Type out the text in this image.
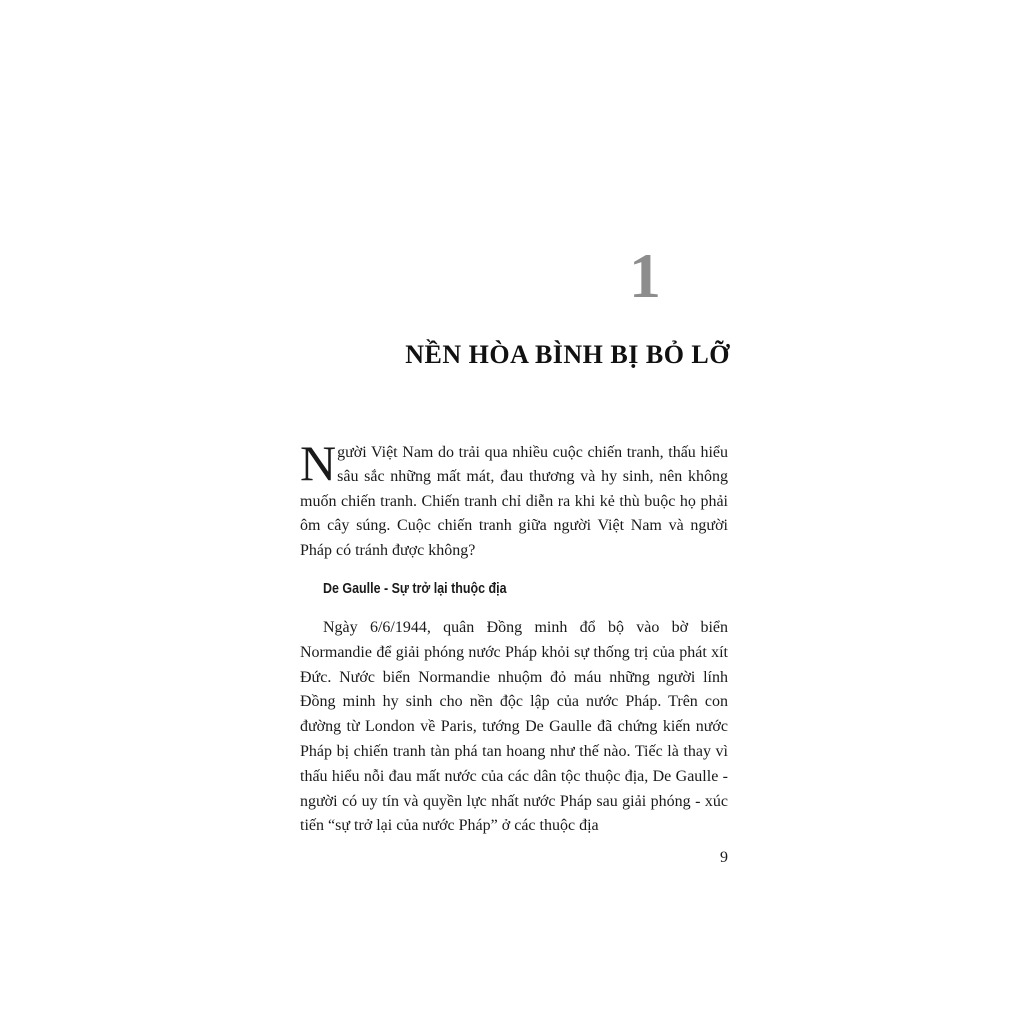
1
NỀN HÒA BÌNH BỊ BỎ LỠ

Người Việt Nam do trải qua nhiều cuộc chiến tranh, thấu hiểu sâu sắc những mất mát, đau thương và hy sinh, nên không muốn chiến tranh. Chiến tranh chỉ diễn ra khi kẻ thù buộc họ phải ôm cây súng. Cuộc chiến tranh giữa người Việt Nam và người Pháp có tránh được không?

De Gaulle - Sự trở lại thuộc địa

Ngày 6/6/1944, quân Đồng minh đổ bộ vào bờ biển Normandie để giải phóng nước Pháp khỏi sự thống trị của phát xít Đức. Nước biển Normandie nhuộm đỏ máu những người lính Đồng minh hy sinh cho nền độc lập của nước Pháp. Trên con đường từ London về Paris, tướng De Gaulle đã chứng kiến nước Pháp bị chiến tranh tàn phá tan hoang như thế nào. Tiếc là thay vì thấu hiểu nỗi đau mất nước của các dân tộc thuộc địa, De Gaulle - người có uy tín và quyền lực nhất nước Pháp sau giải phóng - xúc tiến “sự trở lại của nước Pháp” ở các thuộc địa

9
